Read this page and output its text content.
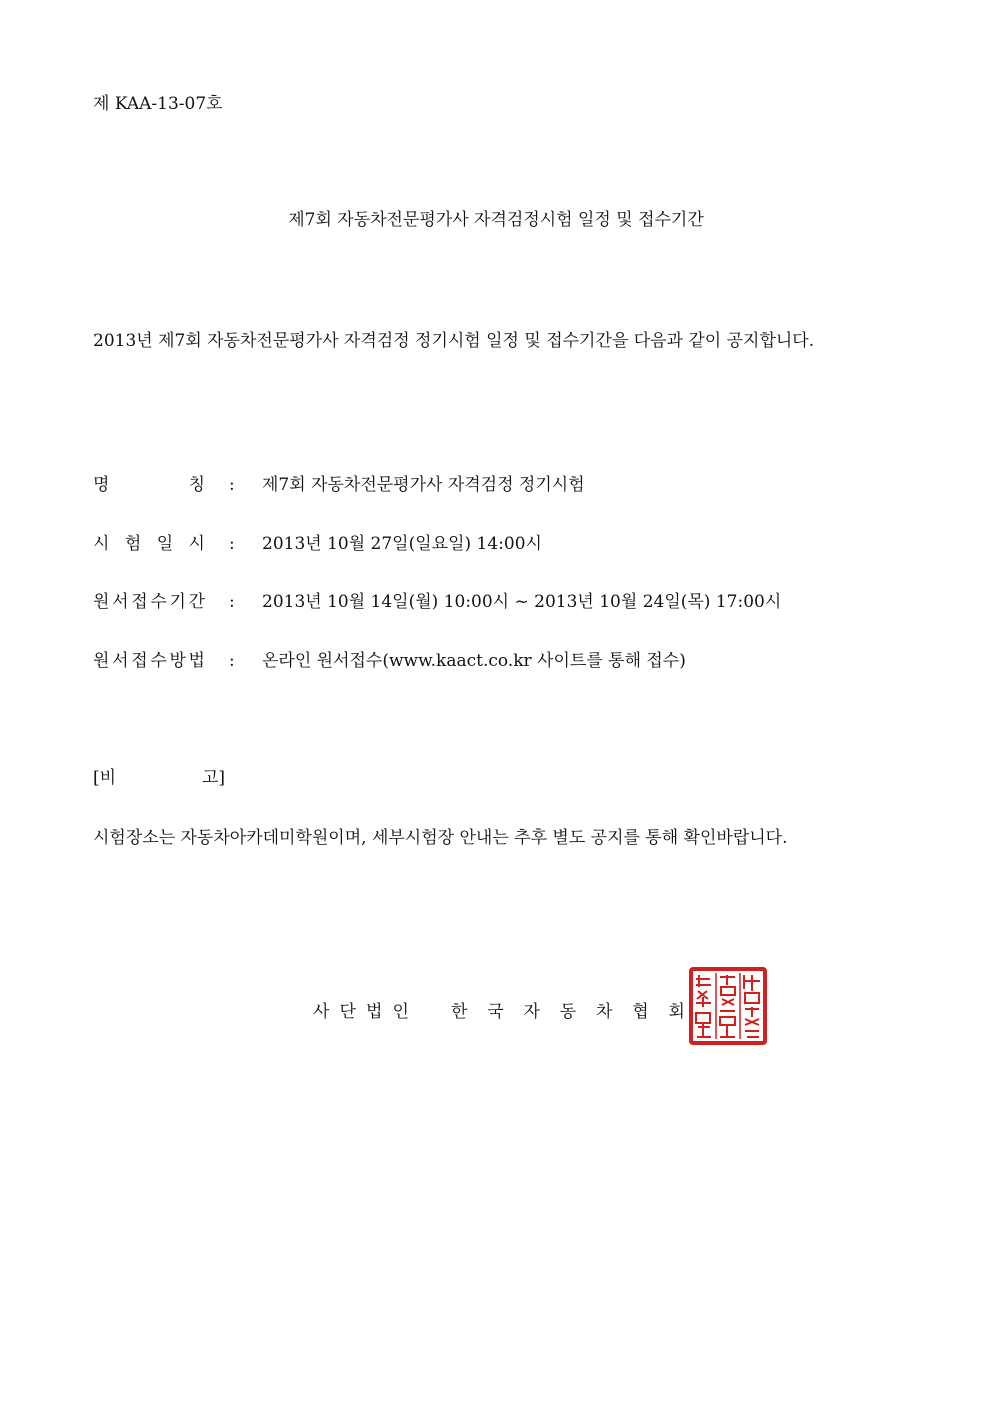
제 KAA-13-07호
제7회 자동차전문평가사 자격검정시험 일정 및 접수기간
2013년 제7회 자동차전문평가사 자격검정 정기시험 일정 및 접수기간을 다음과 같이 공지합니다.
명	칭 : 제7회 자동차전문평가사 자격검정 정기시험
시 험 일 시 : 2013년 10월 27일(일요일) 14:00시
원 서 접 수 기 간 : 2013년 10월 14일(월) 10:00시 ~ 2013년 10월 24일(목) 17:00시
원 서 접 수 방 법 : 온라인 원서접수(www.kaact.co.kr 사이트를 통해 접수)
[비	고]
시험장소는 자동차아카데미학원이며, 세부시험장 안내는 추후 별도 공지를 통해 확인바랍니다.
사 단 법 인 한 국 자 동 차 협 회
